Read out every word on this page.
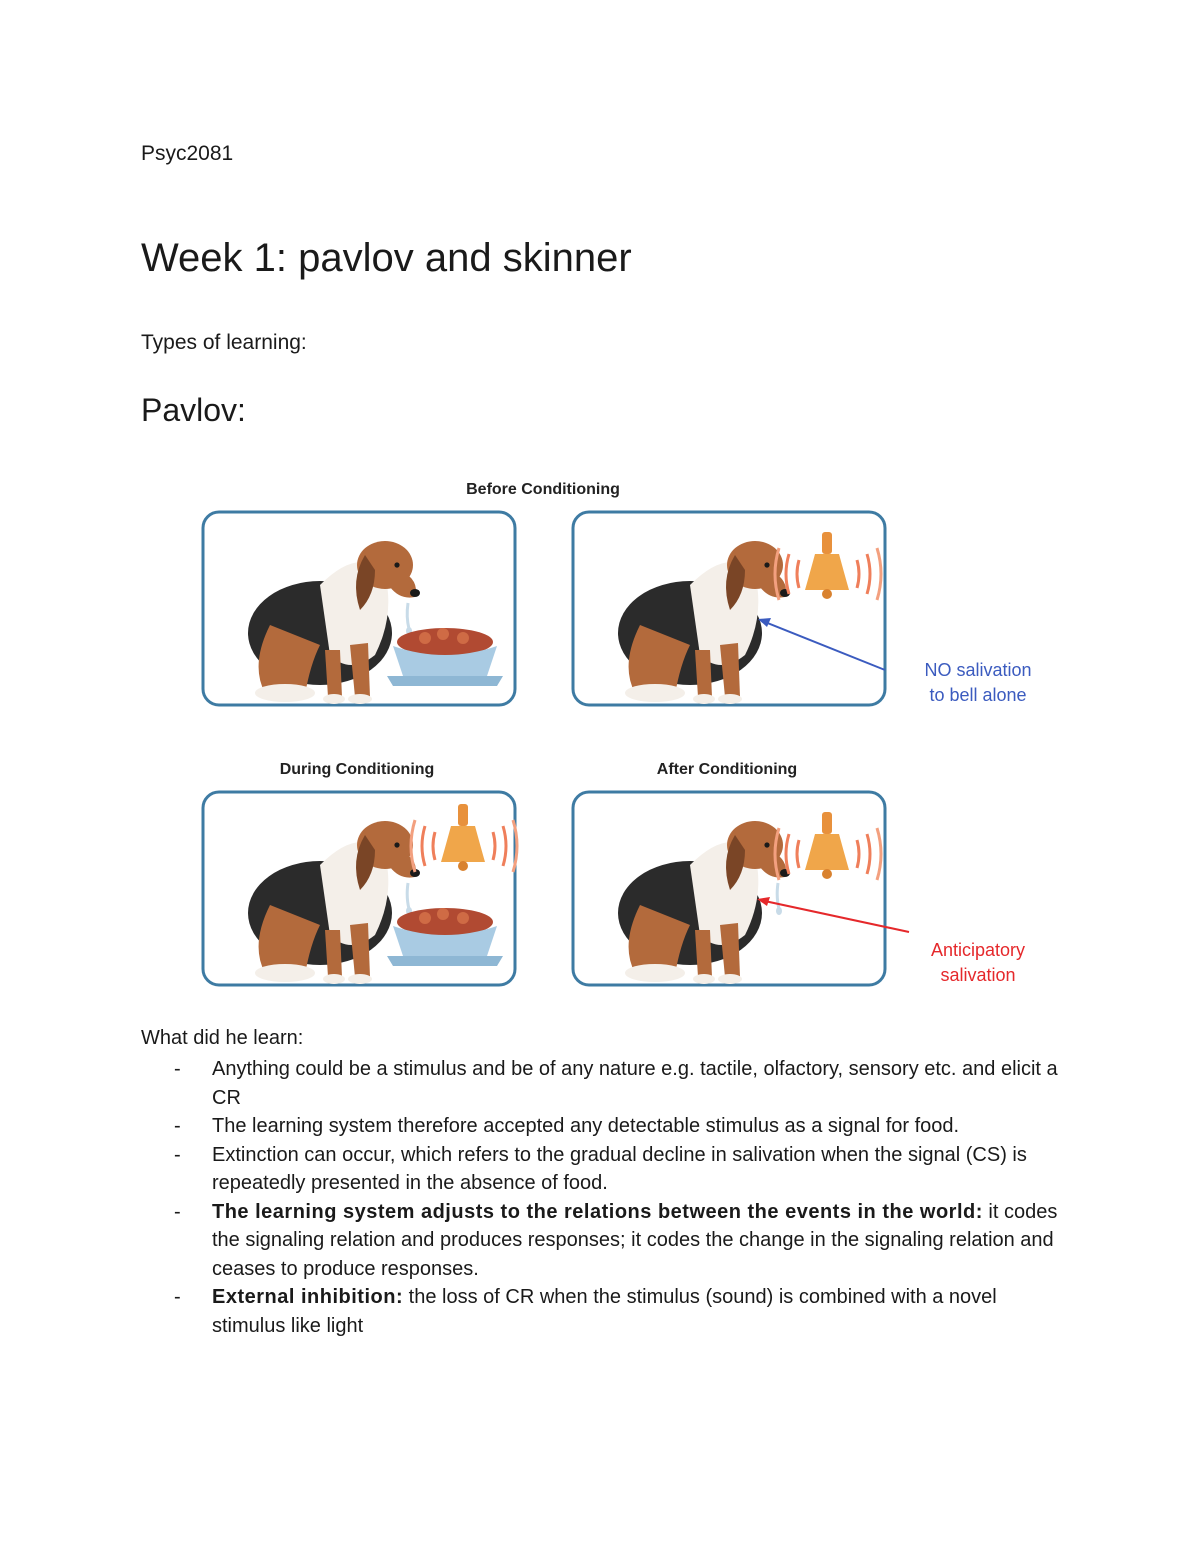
Psyc2081
Week 1: pavlov and skinner
Types of learning:
Pavlov:
Before Conditioning
NO salivation
to bell alone
During Conditioning	After Conditioning
Anticipatory
salivation
What did he learn:
- Anything could be a stimulus and be of any nature e.g. tactile, olfactory, sensory etc. and elicit a CR
- The learning system therefore accepted any detectable stimulus as a signal for food.
- Extinction can occur, which refers to the gradual decline in salivation when the signal (CS) is repeatedly presented in the absence of food.
- The learning system adjusts to the relations between the events in the world: it codes the signaling relation and produces responses; it codes the change in the signaling relation and ceases to produce responses.
- External inhibition: the loss of CR when the stimulus (sound) is combined with a novel stimulus like light
